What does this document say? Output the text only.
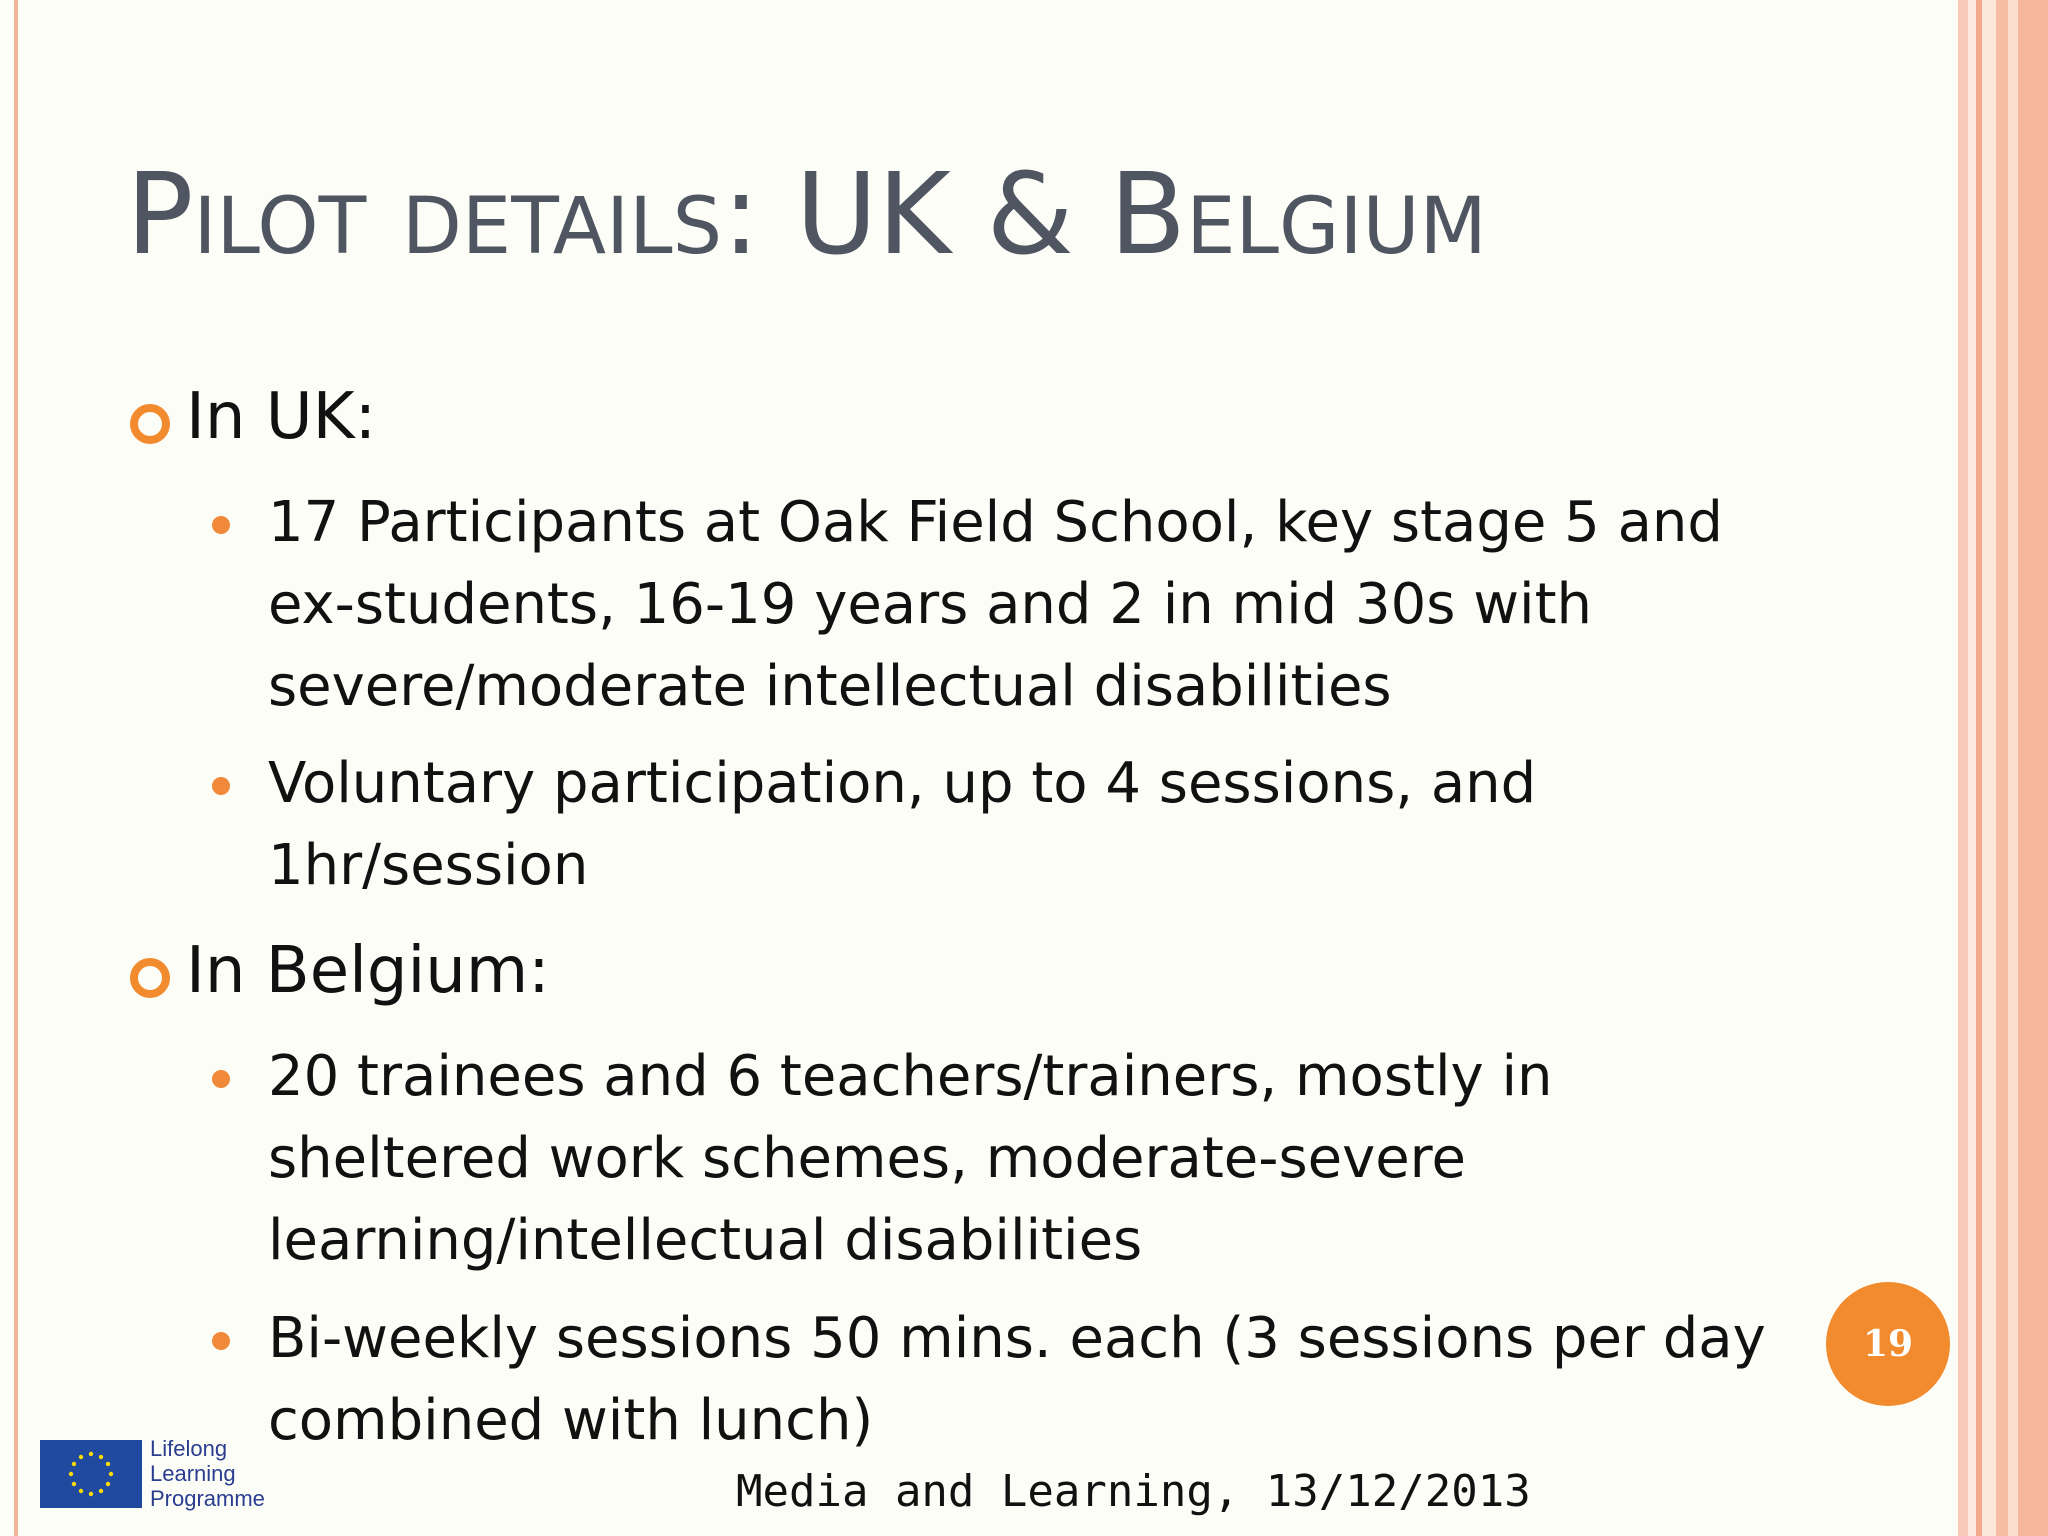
Pilot details: UK & Belgium
In UK:
17 Participants at Oak Field School, key stage 5 and
ex-students, 16-19 years and 2 in mid 30s with
severe/moderate intellectual disabilities
Voluntary participation, up to 4 sessions, and
1hr/session
In Belgium:
20 trainees and 6 teachers/trainers, mostly in
sheltered work schemes, moderate-severe
learning/intellectual disabilities
Bi-weekly sessions 50 mins. each (3 sessions per day
combined with lunch)
19
Media and Learning, 13/12/2013
Lifelong
Learning
Programme
